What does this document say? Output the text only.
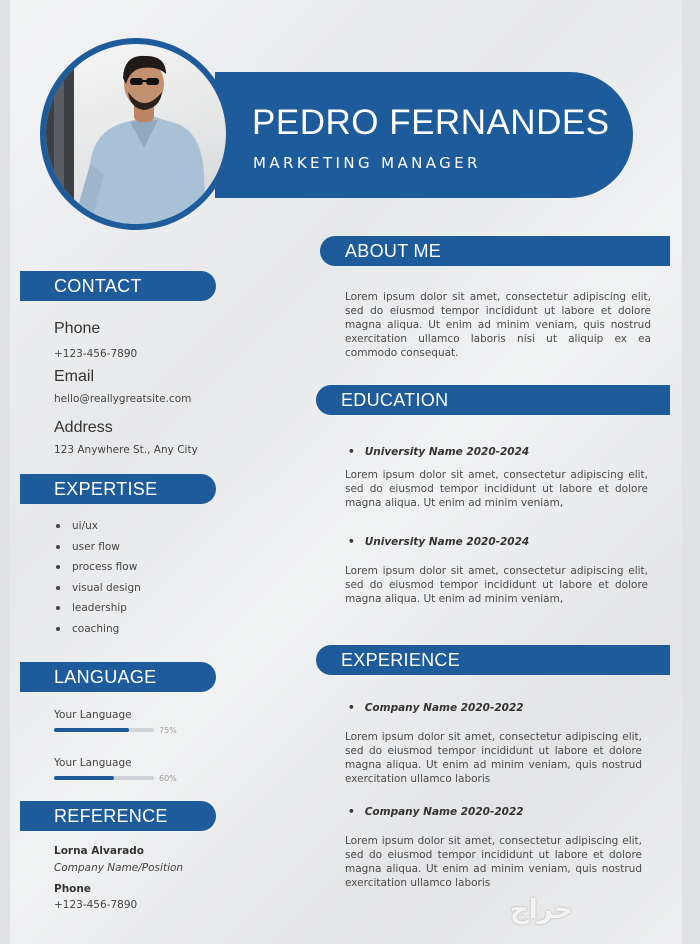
PEDRO FERNANDES
MARKETING MANAGER
CONTACT
Phone
+123-456-7890
Email
hello@reallygreatsite.com
Address
123 Anywhere St., Any City
EXPERTISE
ui/ux
user flow
process flow
visual design
leadership
coaching
LANGUAGE
Your Language
75%
Your Language
60%
REFERENCE
Lorna Alvarado
Company Name/Position
Phone
+123-456-7890
ABOUT ME
Lorem ipsum dolor sit amet, consectetur adipiscing elit, sed do eiusmod tempor incididunt ut labore et dolore magna aliqua. Ut enim ad minim veniam, quis nostrud exercitation ullamco laboris nisi ut aliquip ex ea commodo consequat.
EDUCATION
• University Name 2020-2024
Lorem ipsum dolor sit amet, consectetur adipiscing elit, sed do eiusmod tempor incididunt ut labore et dolore magna aliqua. Ut enim ad minim veniam,
• University Name 2020-2024
Lorem ipsum dolor sit amet, consectetur adipiscing elit, sed do eiusmod tempor incididunt ut labore et dolore magna aliqua. Ut enim ad minim veniam,
EXPERIENCE
• Company Name 2020-2022
Lorem ipsum dolor sit amet, consectetur adipiscing elit, sed do eiusmod tempor incididunt ut labore et dolore magna aliqua. Ut enim ad minim veniam, quis nostrud exercitation ullamco laboris
• Company Name 2020-2022
Lorem ipsum dolor sit amet, consectetur adipiscing elit, sed do eiusmod tempor incididunt ut labore et dolore magna aliqua. Ut enim ad minim veniam, quis nostrud exercitation ullamco laboris
حراج
